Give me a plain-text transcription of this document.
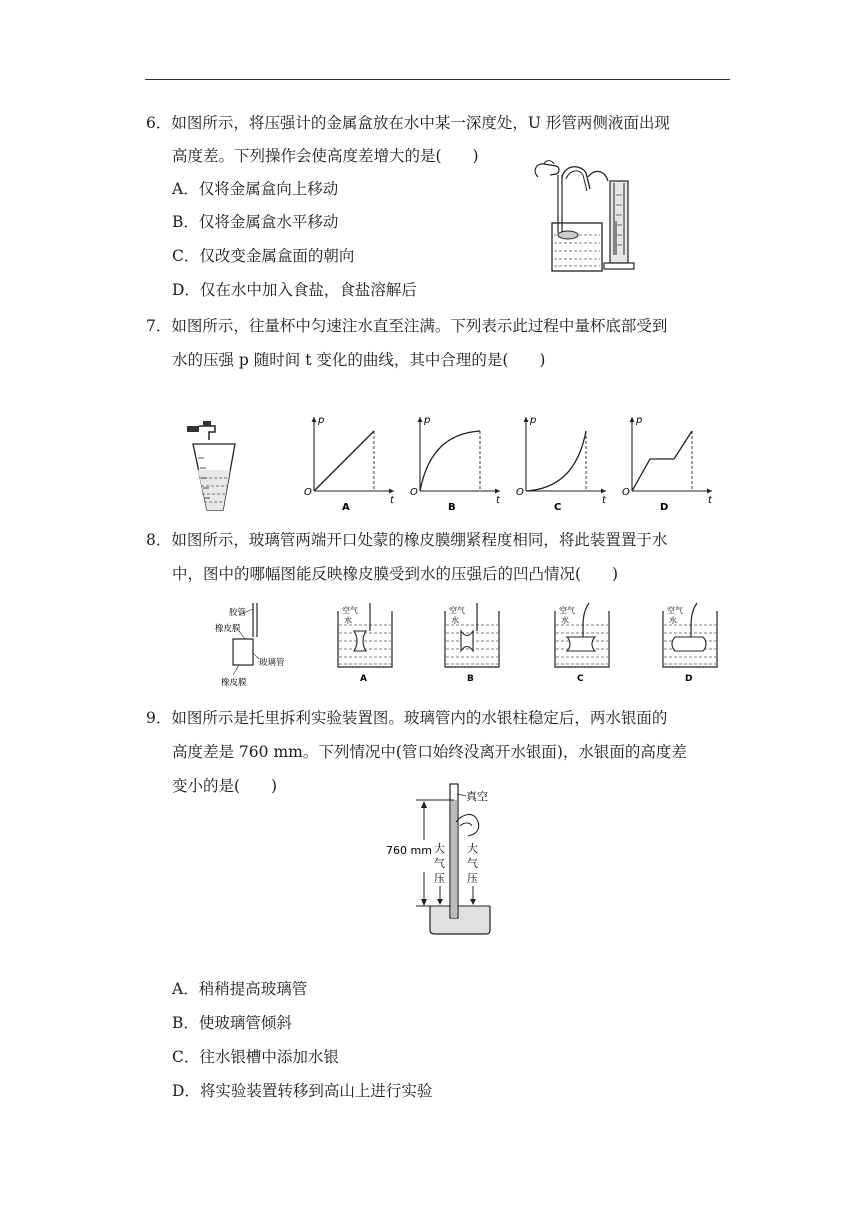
6．如图所示，将压强计的金属盒放在水中某一深度处，U 形管两侧液面出现
高度差。下列操作会使高度差增大的是(　　)
A．仅将金属盒向上移动
B．仅将金属盒水平移动
C．仅改变金属盒面的朝向
D．仅在水中加入食盐，食盐溶解后
7．如图所示，往量杯中匀速注水直至注满。下列表示此过程中量杯底部受到
水的压强 p 随时间 t 变化的曲线，其中合理的是(　　)
p
O
t
A
p
O
t
B
p
O
t
C
p
O
t
D
8．如图所示，玻璃管两端开口处蒙的橡皮膜绷紧程度相同，将此装置置于水
中，图中的哪幅图能反映橡皮膜受到水的压强后的凹凸情况(　　)
胶管
橡皮膜
玻璃管
橡皮膜
空气
水
A
空气
水
B
空气
水
C
空气
水
D
9．如图所示是托里拆利实验装置图。玻璃管内的水银柱稳定后，两水银面的
高度差是 760 mm。下列情况中(管口始终没离开水银面)，水银面的高度差
变小的是(　　)
760 mm
真空
大
气
压
大
气
压
A．稍稍提高玻璃管
B．使玻璃管倾斜
C．往水银槽中添加水银
D．将实验装置转移到高山上进行实验
